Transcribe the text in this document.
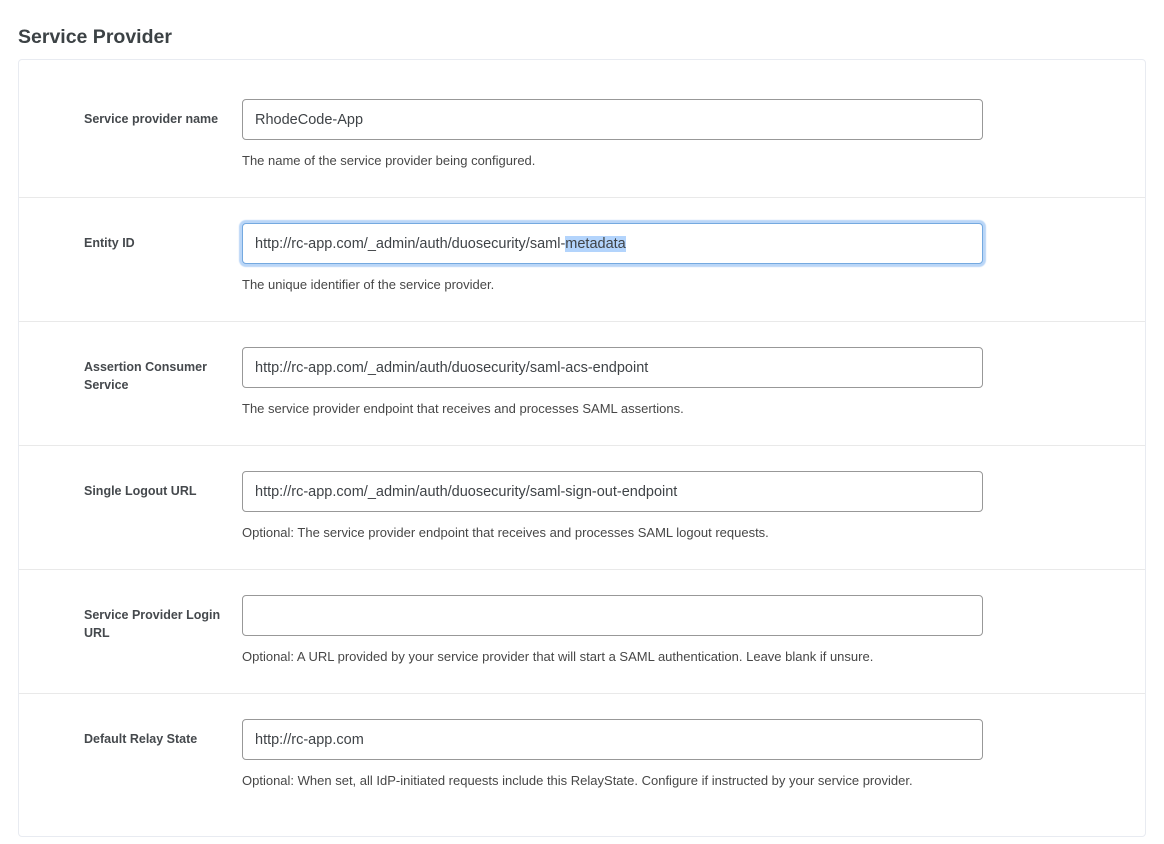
Service Provider
Service provider name
RhodeCode-App

The name of the service provider being configured.

Entity ID	http://rc-app.com/_admin/auth/duosecurity/saml- metadata

The unique identifier of the service provider.

Assertion Consumer Service
http://rc-app.com/_admin/auth/duosecurity/saml-acs-endpoint

The service provider endpoint that receives and processes SAML assertions.

Single Logout URL
http://rc-app.com/_admin/auth/duosecurity/saml-sign-out-endpoint

Optional: The service provider endpoint that receives and processes SAML logout requests.

Service Provider Login URL

Optional: A URL provided by your service provider that will start a SAML authentication. Leave blank if unsure.

Default Relay State
http://rc-app.com

Optional: When set, all IdP-initiated requests include this RelayState. Configure if instructed by your service provider.
